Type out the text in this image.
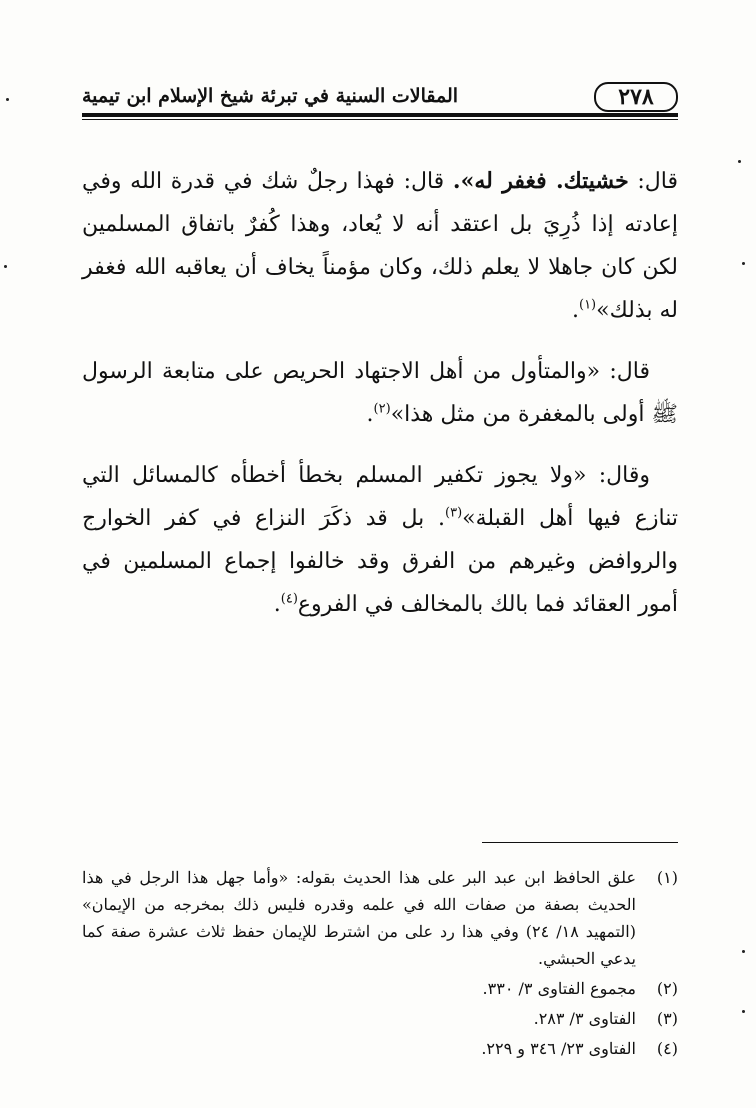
٢٧٨
المقالات السنية في تبرئة شيخ الإسلام ابن تيمية

قال: خشيتك. فغفر له». قال: فهذا رجلٌ شك في قدرة الله وفي إعادته إذا ذُرِيَ بل اعتقد أنه لا يُعاد، وهذا كُفرٌ باتفاق المسلمين لكن كان جاهلا لا يعلم ذلك، وكان مؤمناً يخاف أن يعاقبه الله فغفر له بذلك»$^{(١)}$.

قال: «والمتأول من أهل الاجتهاد الحريص على متابعة الرسول ﷺ أولى بالمغفرة من مثل هذا»$^{(٢)}$.

وقال: «ولا يجوز تكفير المسلم بخطأ أخطأه كالمسائل التي تنازع فيها أهل القبلة»$^{(٣)}$. بل قد ذكَرَ النزاع في كفر الخوارج والروافض وغيرهم من الفرق وقد خالفوا إجماع المسلمين في أمور العقائد فما بالك بالمخالف في الفروع$^{(٤)}$.

(١)
علق الحافظ ابن عبد البر على هذا الحديث بقوله: «وأما جهل هذا الرجل في هذا الحديث بصفة من صفات الله في علمه وقدره فليس ذلك بمخرجه من الإيمان» (التمهيد ١٨/ ٢٤) وفي هذا رد على من اشترط للإيمان حفظ ثلاث عشرة صفة كما يدعي الحبشي.
(٢)
مجموع الفتاوى ٣/ ٣٣٠.
(٣)
الفتاوى ٣/ ٢٨٣.
(٤)
الفتاوى ٢٣/ ٣٤٦ و ٢٢٩.
